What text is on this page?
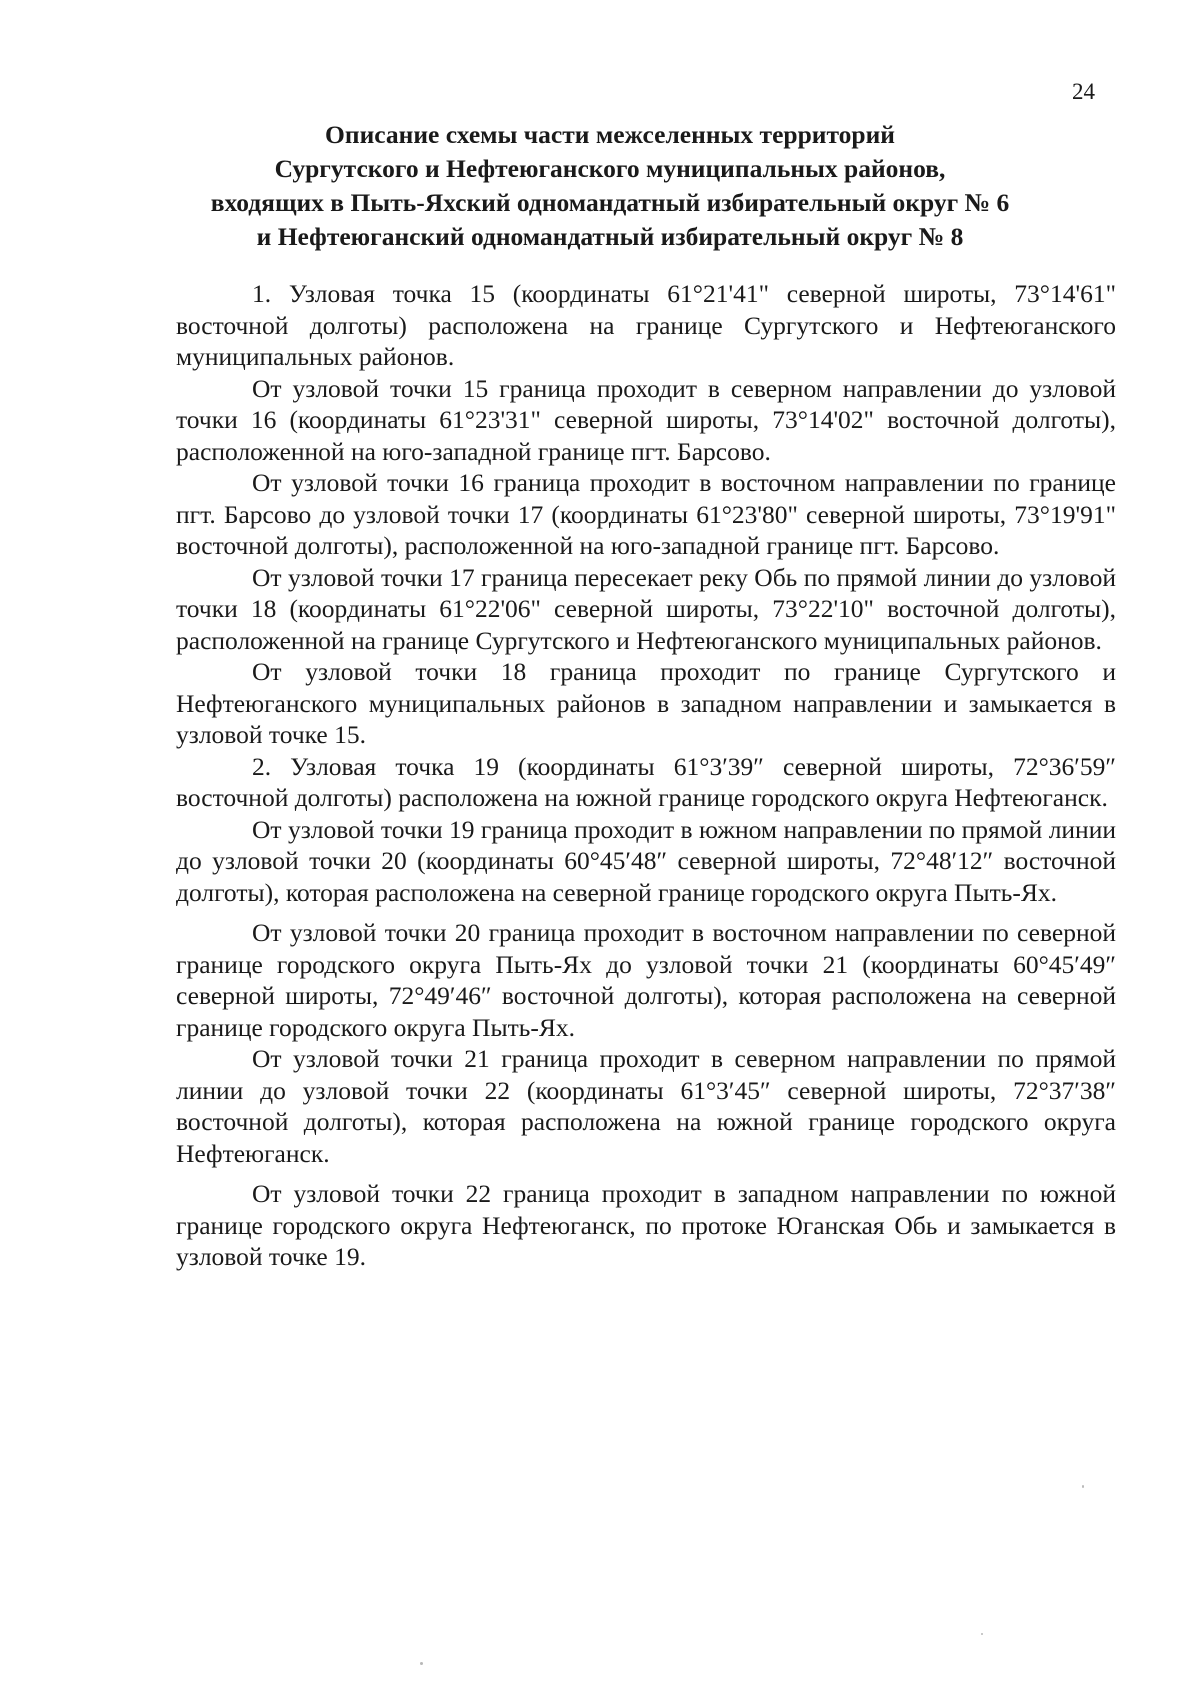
24
Описание схемы части межселенных территорий
Сургутского и Нефтеюганского муниципальных районов,
входящих в Пыть-Яхский одномандатный избирательный округ № 6
и Нефтеюганский одномандатный избирательный округ № 8

1. Узловая точка 15 (координаты 61°21'41" северной широты, 73°14'61" восточной долготы) расположена на границе Сургутского и Нефтеюганского муниципальных районов.

От узловой точки 15 граница проходит в северном направлении до узловой точки 16 (координаты 61°23'31" северной широты, 73°14'02" восточной долготы), расположенной на юго-западной границе пгт. Барсово.

От узловой точки 16 граница проходит в восточном направлении по границе пгт. Барсово до узловой точки 17 (координаты 61°23'80" северной широты, 73°19'91" восточной долготы), расположенной на юго-западной границе пгт. Барсово.

От узловой точки 17 граница пересекает реку Обь по прямой линии до узловой точки 18 (координаты 61°22'06" северной широты, 73°22'10" восточной долготы), расположенной на границе Сургутского и Нефтеюганского муниципальных районов.

От узловой точки 18 граница проходит по границе Сургутского и Нефтеюганского муниципальных районов в западном направлении и замыкается в узловой точке 15.

2. Узловая точка 19 (координаты 61°3′39″ северной широты, 72°36′59″ восточной долготы) расположена на южной границе городского округа Нефтеюганск.

От узловой точки 19 граница проходит в южном направлении по прямой линии до узловой точки 20 (координаты 60°45′48″ северной широты, 72°48′12″ восточной долготы), которая расположена на северной границе городского округа Пыть-Ях.

От узловой точки 20 граница проходит в восточном направлении по северной границе городского округа Пыть-Ях до узловой точки 21 (координаты 60°45′49″ северной широты, 72°49′46″ восточной долготы), которая расположена на северной границе городского округа Пыть-Ях.

От узловой точки 21 граница проходит в северном направлении по прямой линии до узловой точки 22 (координаты 61°3′45″ северной широты, 72°37′38″ восточной долготы), которая расположена на южной границе городского округа Нефтеюганск.

От узловой точки 22 граница проходит в западном направлении по южной границе городского округа Нефтеюганск, по протоке Юганская Обь и замыкается в узловой точке 19.
